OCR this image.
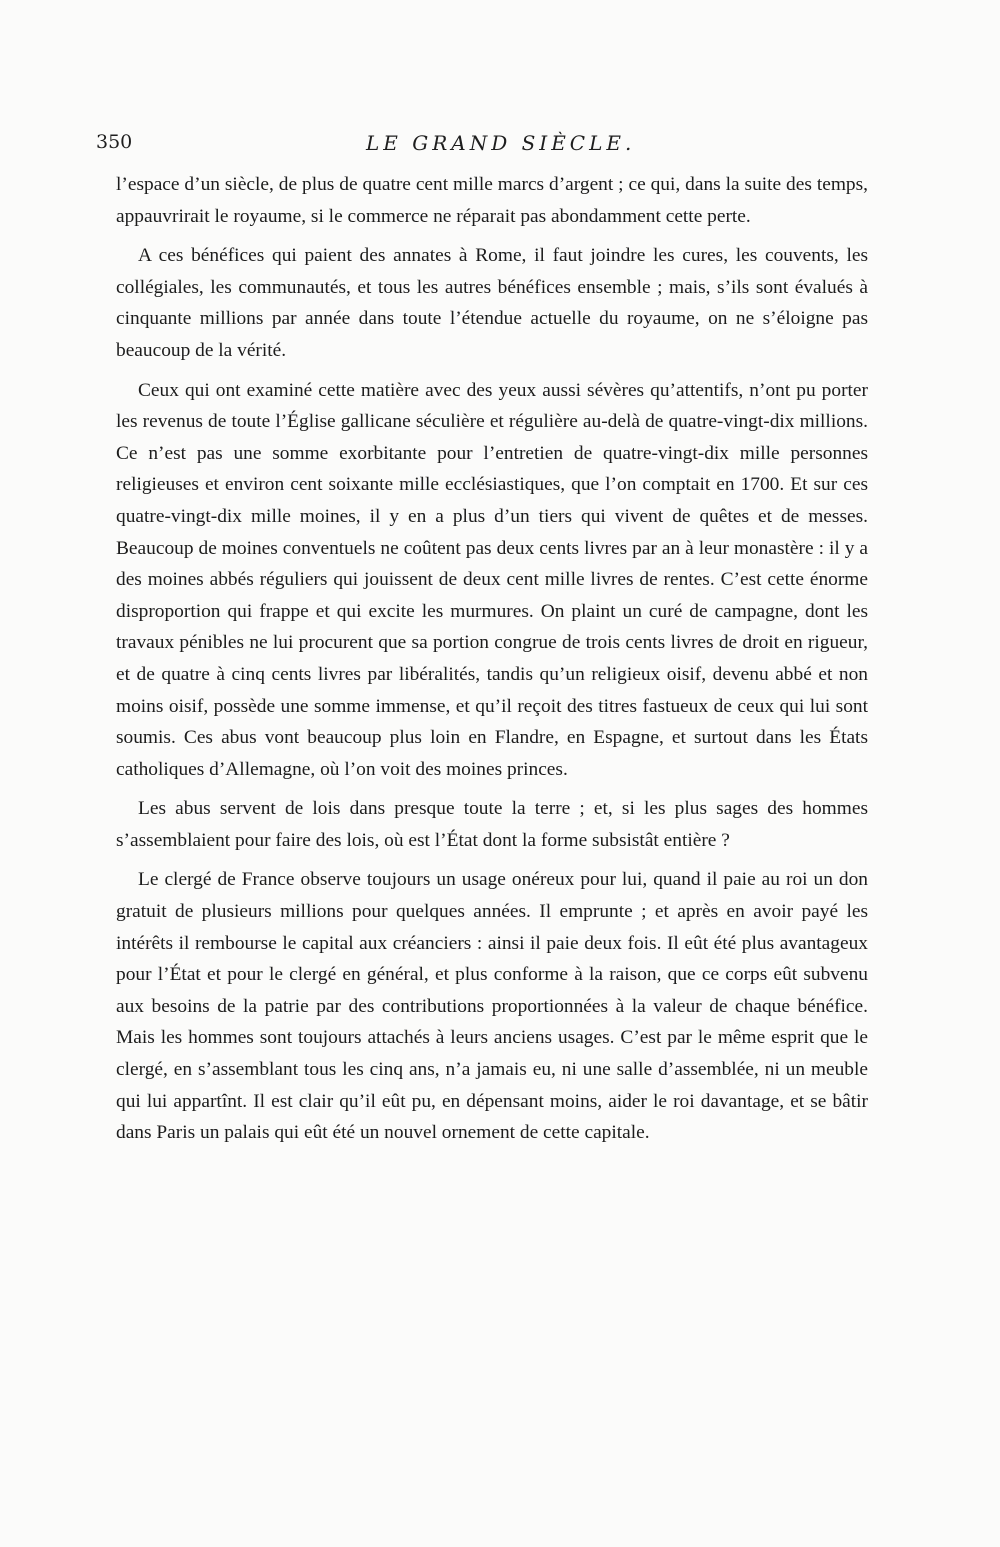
350	LE GRAND SIÈCLE.

l’espace d’un siècle, de plus de quatre cent mille marcs d’argent ; ce qui, dans la suite des temps, appauvrirait le royaume, si le commerce ne réparait pas abondamment cette perte.

A ces bénéfices qui paient des annates à Rome, il faut joindre les cures, les couvents, les collégiales, les communautés, et tous les autres bénéfices ensemble ; mais, s’ils sont évalués à cinquante millions par année dans toute l’étendue actuelle du royaume, on ne s’éloigne pas beaucoup de la vérité.

Ceux qui ont examiné cette matière avec des yeux aussi sévères qu’attentifs, n’ont pu porter les revenus de toute l’Église gallicane séculière et régulière au-delà de quatre-vingt-dix millions. Ce n’est pas une somme exorbitante pour l’entretien de quatre-vingt-dix mille personnes religieuses et environ cent soixante mille ecclésiastiques, que l’on comptait en 1700. Et sur ces quatre-vingt-dix mille moines, il y en a plus d’un tiers qui vivent de quêtes et de messes. Beaucoup de moines conventuels ne coûtent pas deux cents livres par an à leur monastère : il y a des moines abbés réguliers qui jouissent de deux cent mille livres de rentes. C’est cette énorme disproportion qui frappe et qui excite les murmures. On plaint un curé de campagne, dont les travaux pénibles ne lui procurent que sa portion congrue de trois cents livres de droit en rigueur, et de quatre à cinq cents livres par libéralités, tandis qu’un religieux oisif, devenu abbé et non moins oisif, possède une somme immense, et qu’il reçoit des titres fastueux de ceux qui lui sont soumis. Ces abus vont beaucoup plus loin en Flandre, en Espagne, et surtout dans les États catholiques d’Allemagne, où l’on voit des moines princes.

Les abus servent de lois dans presque toute la terre ; et, si les plus sages des hommes s’assemblaient pour faire des lois, où est l’État dont la forme subsistât entière ?

Le clergé de France observe toujours un usage onéreux pour lui, quand il paie au roi un don gratuit de plusieurs millions pour quelques années. Il emprunte ; et après en avoir payé les intérêts il rembourse le capital aux créanciers : ainsi il paie deux fois. Il eût été plus avantageux pour l’État et pour le clergé en général, et plus conforme à la raison, que ce corps eût subvenu aux besoins de la patrie par des contributions proportionnées à la valeur de chaque bénéfice. Mais les hommes sont toujours attachés à leurs anciens usages. C’est par le même esprit que le clergé, en s’assemblant tous les cinq ans, n’a jamais eu, ni une salle d’assemblée, ni un meuble qui lui appartînt. Il est clair qu’il eût pu, en dépensant moins, aider le roi davantage, et se bâtir dans Paris un palais qui eût été un nouvel ornement de cette capitale.
